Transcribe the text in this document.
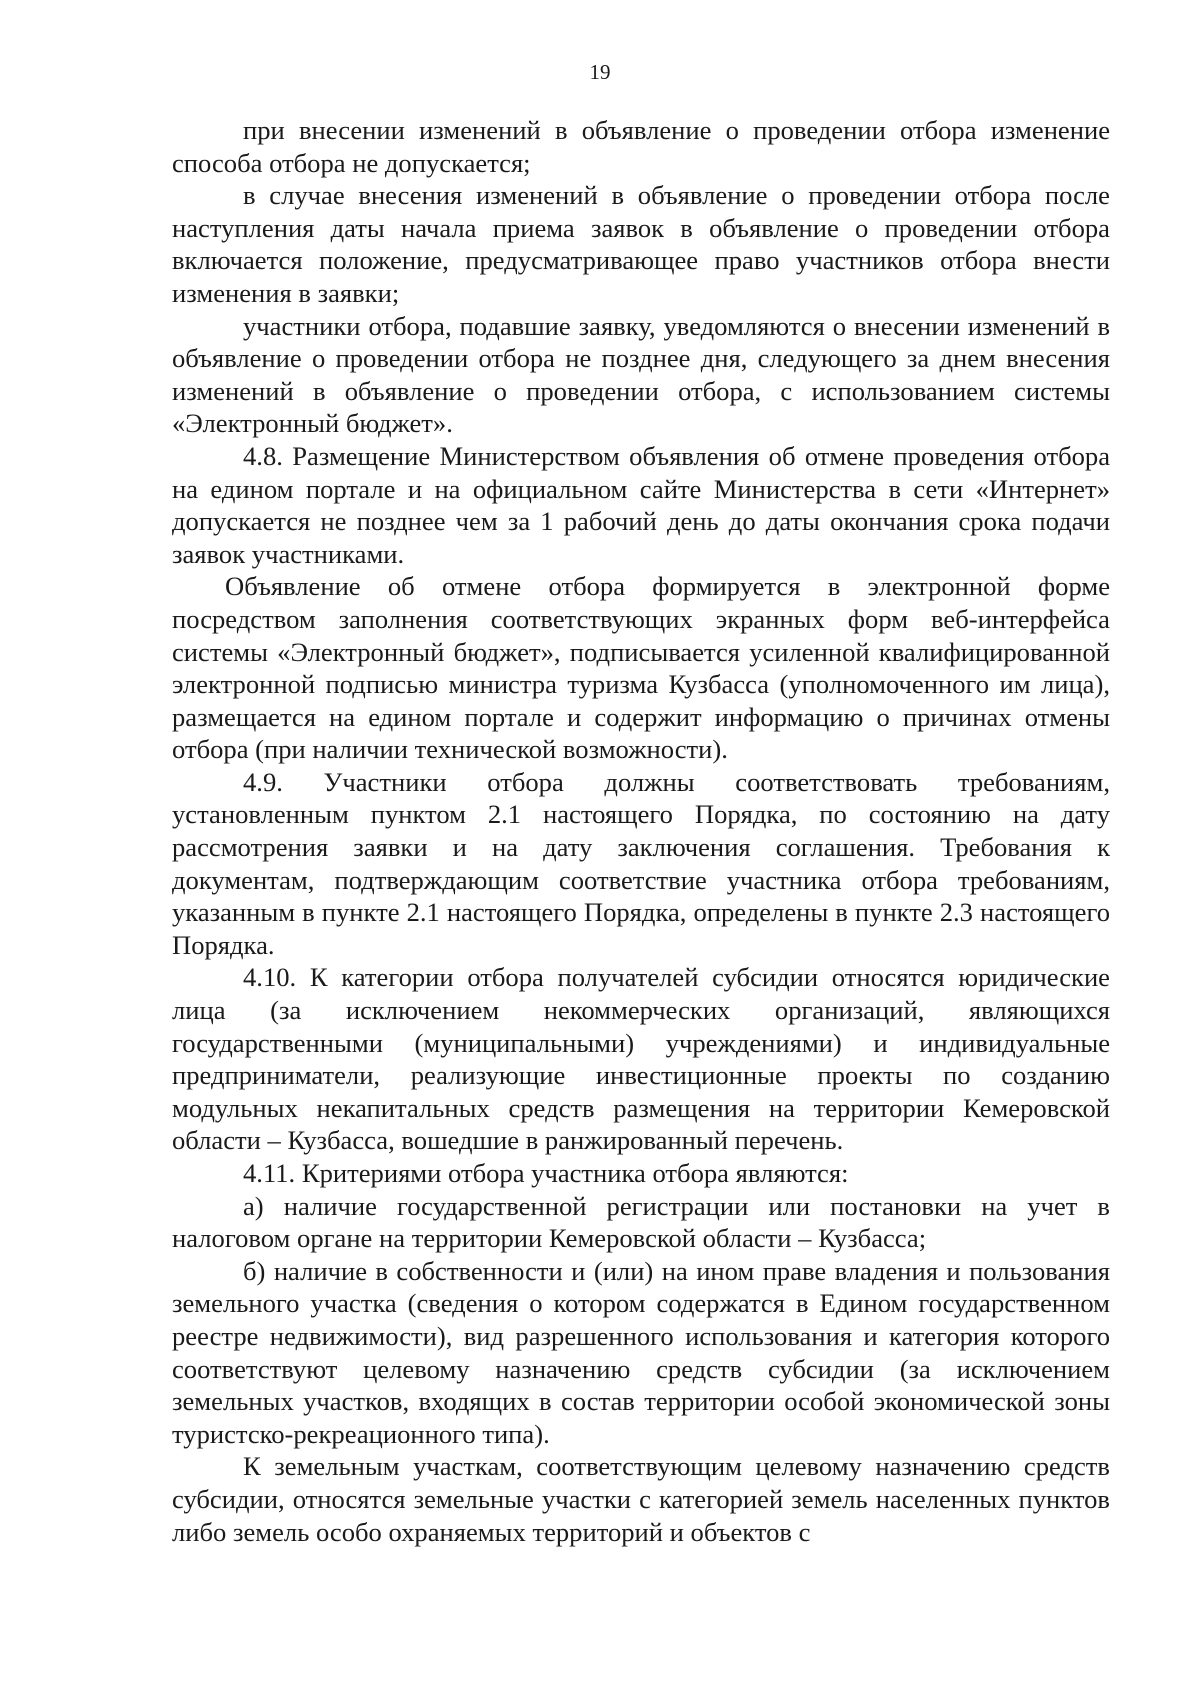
19

при внесении изменений в объявление о проведении отбора изменение способа отбора не допускается;

в случае внесения изменений в объявление о проведении отбора после наступления даты начала приема заявок в объявление о проведении отбора включается положение, предусматривающее право участников отбора внести изменения в заявки;

участники отбора, подавшие заявку, уведомляются о внесении изменений в объявление о проведении отбора не позднее дня, следующего за днем внесения изменений в объявление о проведении отбора, с использованием системы «Электронный бюджет».

4.8. Размещение Министерством объявления об отмене проведения отбора на едином портале и на официальном сайте Министерства в сети «Интернет» допускается не позднее чем за 1 рабочий день до даты окончания срока подачи заявок участниками.

Объявление об отмене отбора формируется в электронной форме посредством заполнения соответствующих экранных форм веб-интерфейса системы «Электронный бюджет», подписывается усиленной квалифицированной электронной подписью министра туризма Кузбасса (уполномоченного им лица), размещается на едином портале и содержит информацию о причинах отмены отбора (при наличии технической возможности).

4.9. Участники отбора должны соответствовать требованиям, установленным пунктом 2.1 настоящего Порядка, по состоянию на дату рассмотрения заявки и на дату заключения соглашения. Требования к документам, подтверждающим соответствие участника отбора требованиям, указанным в пункте 2.1 настоящего Порядка, определены в пункте 2.3 настоящего Порядка.

4.10. К категории отбора получателей субсидии относятся юридические лица (за исключением некоммерческих организаций, являющихся государственными (муниципальными) учреждениями) и индивидуальные предприниматели, реализующие инвестиционные проекты по созданию модульных некапитальных средств размещения на территории Кемеровской области – Кузбасса, вошедшие в ранжированный перечень.

4.11. Критериями отбора участника отбора являются:

а) наличие государственной регистрации или постановки на учет в налоговом органе на территории Кемеровской области – Кузбасса;

б) наличие в собственности и (или) на ином праве владения и пользования земельного участка (сведения о котором содержатся в Едином государственном реестре недвижимости), вид разрешенного использования и категория которого соответствуют целевому назначению средств субсидии (за исключением земельных участков, входящих в состав территории особой экономической зоны туристско-рекреационного типа).

К земельным участкам, соответствующим целевому назначению средств субсидии, относятся земельные участки с категорией земель населенных пунктов либо земель особо охраняемых территорий и объектов с
